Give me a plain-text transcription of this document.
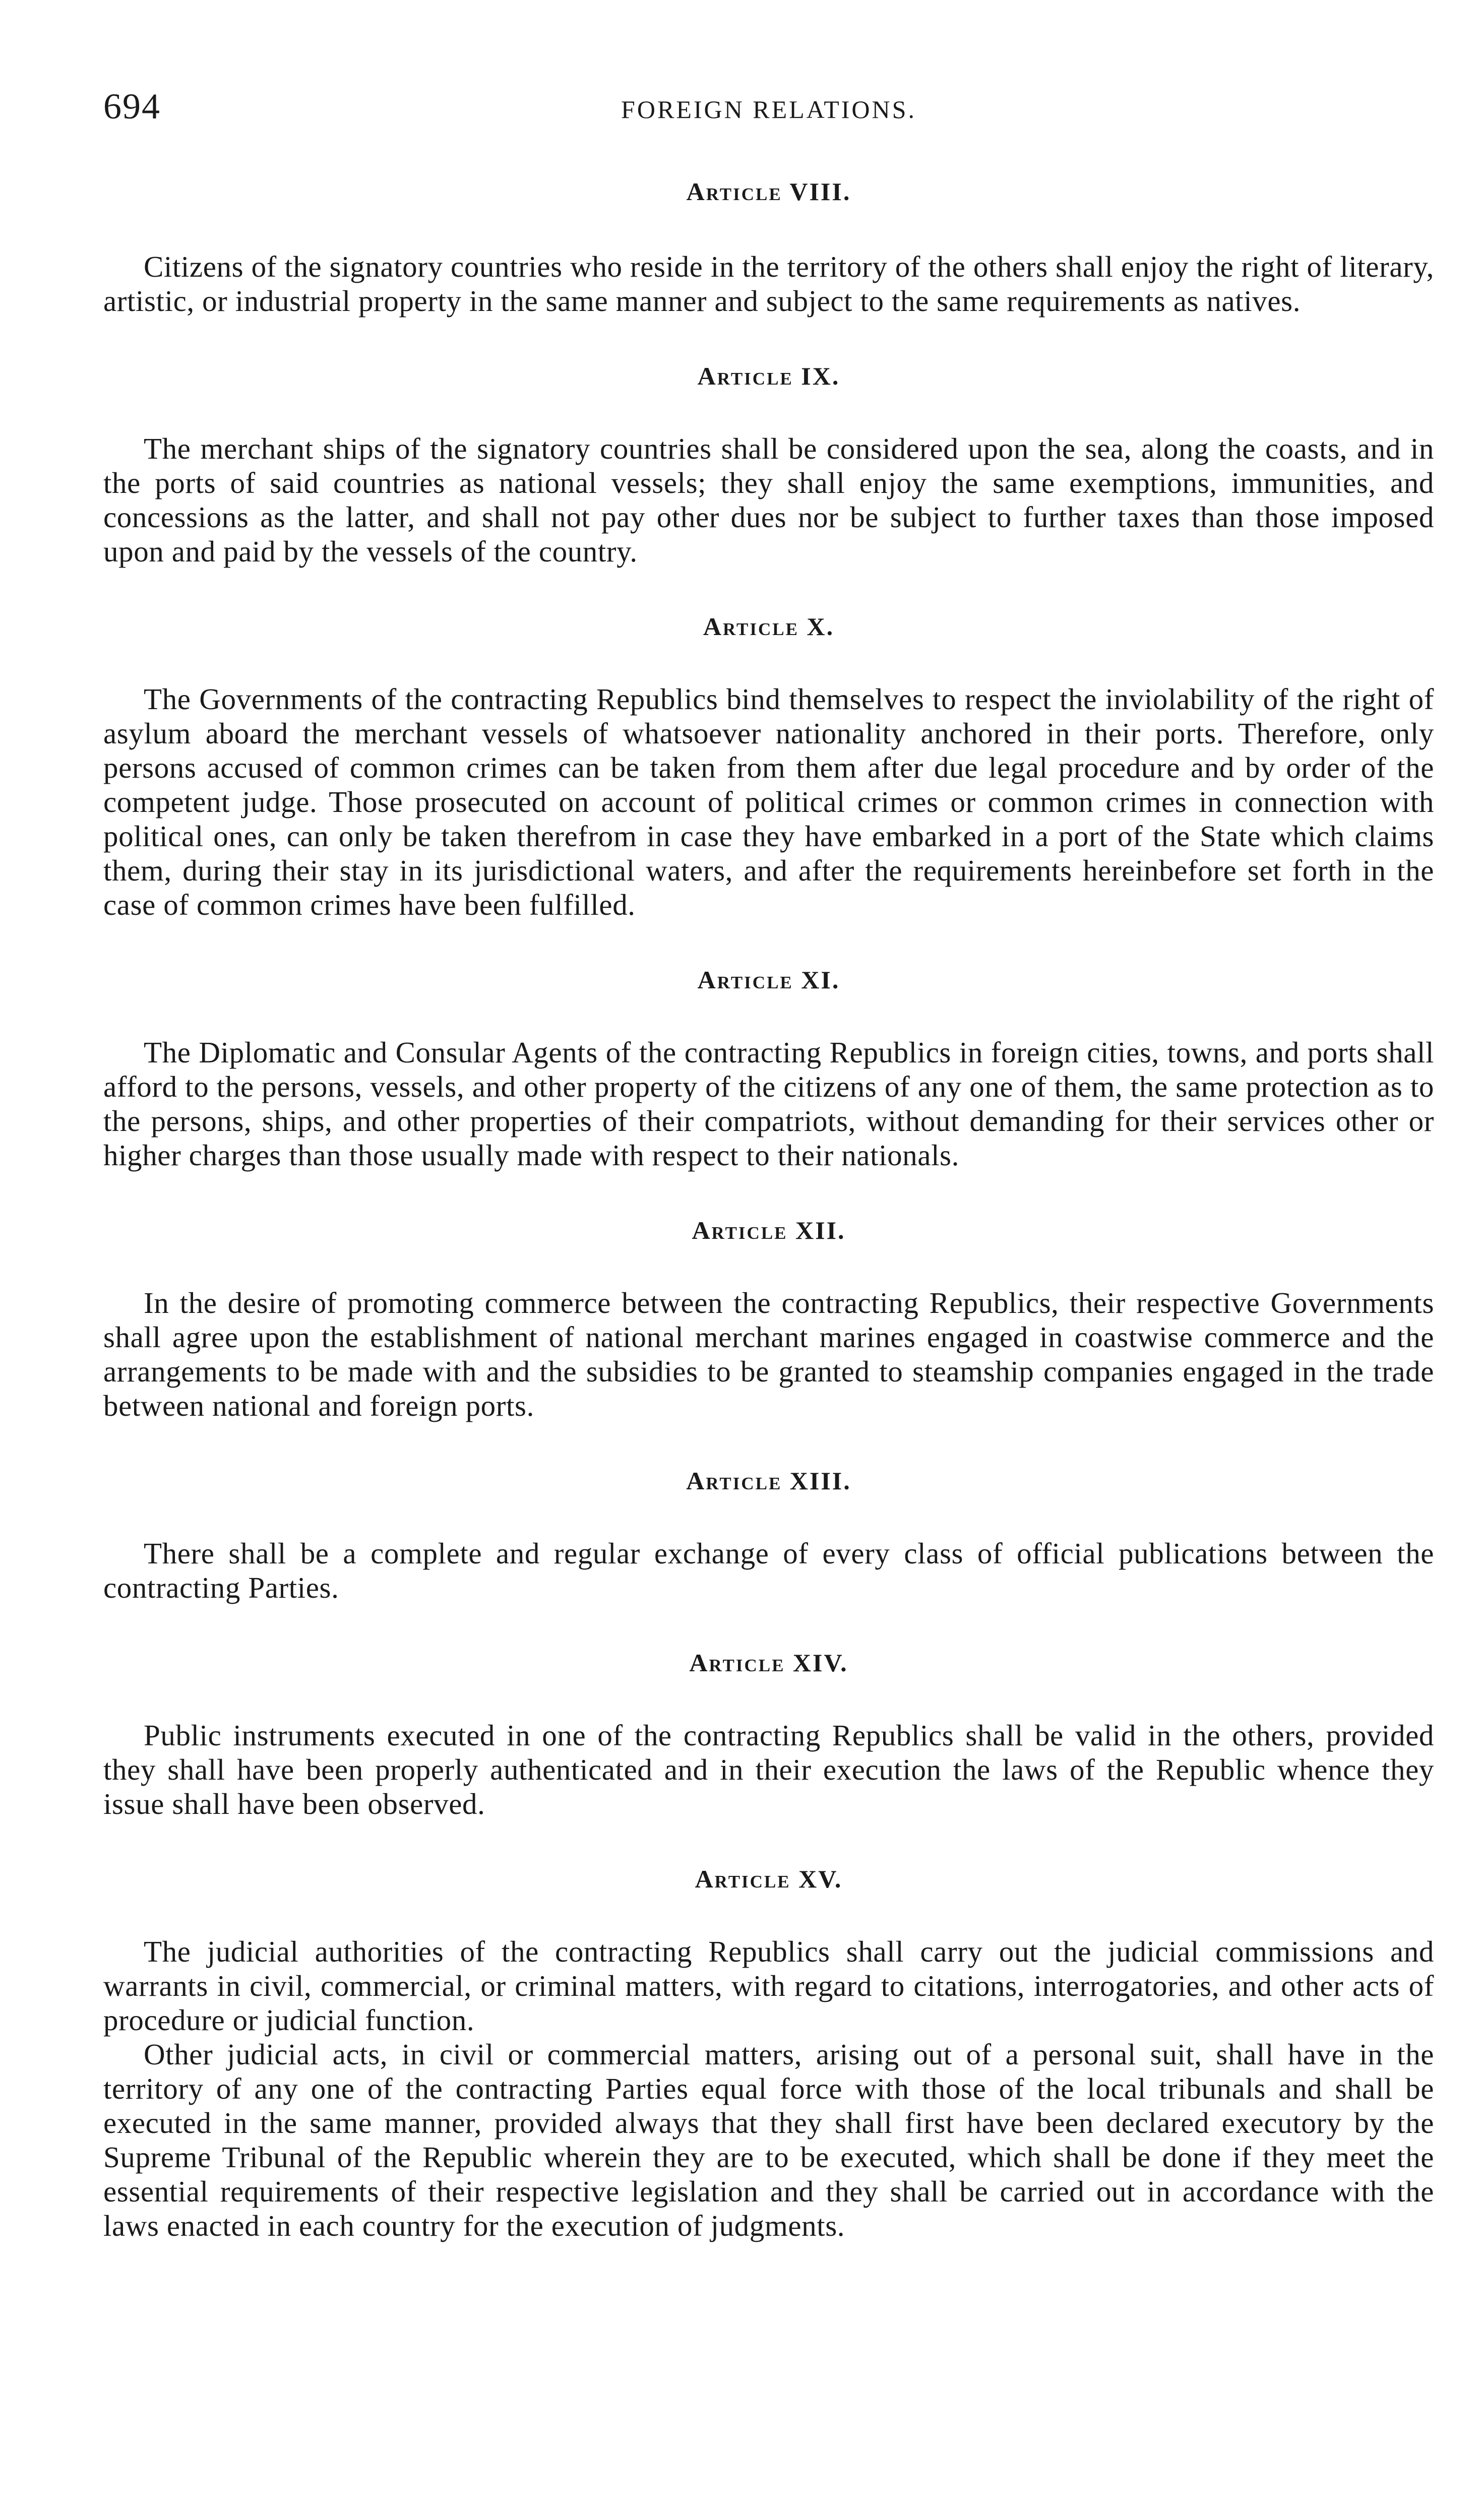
694	FOREIGN RELATIONS.
Article VIII.

Citizens of the signatory countries who reside in the territory of the others shall enjoy the right of literary, artistic, or industrial property in the same manner and subject to the same requirements as natives.

Article IX.

The merchant ships of the signatory countries shall be considered upon the sea, along the coasts, and in the ports of said countries as national vessels; they shall enjoy the same exemptions, immunities, and concessions as the latter, and shall not pay other dues nor be subject to further taxes than those imposed upon and paid by the vessels of the country.

Article X.

The Governments of the contracting Republics bind themselves to respect the inviolability of the right of asylum aboard the merchant vessels of whatsoever nationality anchored in their ports. Therefore, only persons accused of common crimes can be taken from them after due legal procedure and by order of the competent judge. Those prosecuted on account of political crimes or common crimes in connection with political ones, can only be taken therefrom in case they have embarked in a port of the State which claims them, during their stay in its jurisdictional waters, and after the requirements hereinbefore set forth in the case of common crimes have been fulfilled.

Article XI.

The Diplomatic and Consular Agents of the contracting Republics in foreign cities, towns, and ports shall afford to the persons, vessels, and other property of the citizens of any one of them, the same protection as to the persons, ships, and other properties of their compatriots, without demanding for their services other or higher charges than those usually made with respect to their nationals.

Article XII.

In the desire of promoting commerce between the contracting Republics, their respective Governments shall agree upon the establishment of national merchant marines engaged in coastwise commerce and the arrangements to be made with and the subsidies to be granted to steamship companies engaged in the trade between national and foreign ports.

Article XIII.

There shall be a complete and regular exchange of every class of official publications between the contracting Parties.

Article XIV.

Public instruments executed in one of the contracting Republics shall be valid in the others, provided they shall have been properly authenticated and in their execution the laws of the Republic whence they issue shall have been observed.

Article XV.

The judicial authorities of the contracting Republics shall carry out the judicial commissions and warrants in civil, commercial, or criminal matters, with regard to citations, interrogatories, and other acts of procedure or judicial function.

Other judicial acts, in civil or commercial matters, arising out of a personal suit, shall have in the territory of any one of the contracting Parties equal force with those of the local tribunals and shall be executed in the same manner, provided always that they shall first have been declared executory by the Supreme Tribunal of the Republic wherein they are to be executed, which shall be done if they meet the essential requirements of their respective legislation and they shall be carried out in accordance with the laws enacted in each country for the execution of judgments.
